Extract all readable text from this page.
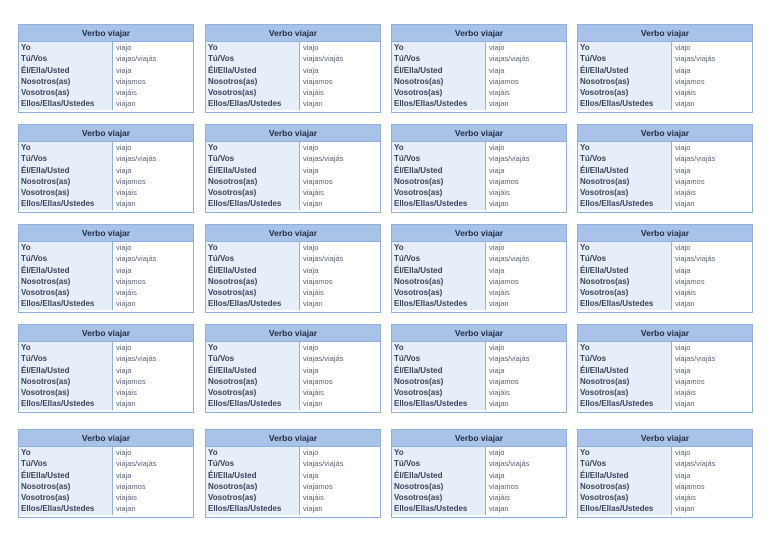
Verbo viajar
Yo
Tú/Vos
Él/Ella/Usted
Nosotros(as)
Vosotros(as)
Ellos/Ellas/Ustedes
viajo
viajas/viajás
viaja
viajamos
viajáis
viajan
Verbo viajar
Yo
Tú/Vos
Él/Ella/Usted
Nosotros(as)
Vosotros(as)
Ellos/Ellas/Ustedes
viajo
viajas/viajás
viaja
viajamos
viajáis
viajan
Verbo viajar
Yo
Tú/Vos
Él/Ella/Usted
Nosotros(as)
Vosotros(as)
Ellos/Ellas/Ustedes
viajo
viajas/viajás
viaja
viajamos
viajáis
viajan
Verbo viajar
Yo
Tú/Vos
Él/Ella/Usted
Nosotros(as)
Vosotros(as)
Ellos/Ellas/Ustedes
viajo
viajas/viajás
viaja
viajamos
viajáis
viajan
Verbo viajar
Yo
Tú/Vos
Él/Ella/Usted
Nosotros(as)
Vosotros(as)
Ellos/Ellas/Ustedes
viajo
viajas/viajás
viaja
viajamos
viajáis
viajan
Verbo viajar
Yo
Tú/Vos
Él/Ella/Usted
Nosotros(as)
Vosotros(as)
Ellos/Ellas/Ustedes
viajo
viajas/viajás
viaja
viajamos
viajáis
viajan
Verbo viajar
Yo
Tú/Vos
Él/Ella/Usted
Nosotros(as)
Vosotros(as)
Ellos/Ellas/Ustedes
viajo
viajas/viajás
viaja
viajamos
viajáis
viajan
Verbo viajar
Yo
Tú/Vos
Él/Ella/Usted
Nosotros(as)
Vosotros(as)
Ellos/Ellas/Ustedes
viajo
viajas/viajás
viaja
viajamos
viajáis
viajan
Verbo viajar
Yo
Tú/Vos
Él/Ella/Usted
Nosotros(as)
Vosotros(as)
Ellos/Ellas/Ustedes
viajo
viajas/viajás
viaja
viajamos
viajáis
viajan
Verbo viajar
Yo
Tú/Vos
Él/Ella/Usted
Nosotros(as)
Vosotros(as)
Ellos/Ellas/Ustedes
viajo
viajas/viajás
viaja
viajamos
viajáis
viajan
Verbo viajar
Yo
Tú/Vos
Él/Ella/Usted
Nosotros(as)
Vosotros(as)
Ellos/Ellas/Ustedes
viajo
viajas/viajás
viaja
viajamos
viajáis
viajan
Verbo viajar
Yo
Tú/Vos
Él/Ella/Usted
Nosotros(as)
Vosotros(as)
Ellos/Ellas/Ustedes
viajo
viajas/viajás
viaja
viajamos
viajáis
viajan
Verbo viajar
Yo
Tú/Vos
Él/Ella/Usted
Nosotros(as)
Vosotros(as)
Ellos/Ellas/Ustedes
viajo
viajas/viajás
viaja
viajamos
viajáis
viajan
Verbo viajar
Yo
Tú/Vos
Él/Ella/Usted
Nosotros(as)
Vosotros(as)
Ellos/Ellas/Ustedes
viajo
viajas/viajás
viaja
viajamos
viajáis
viajan
Verbo viajar
Yo
Tú/Vos
Él/Ella/Usted
Nosotros(as)
Vosotros(as)
Ellos/Ellas/Ustedes
viajo
viajas/viajás
viaja
viajamos
viajáis
viajan
Verbo viajar
Yo
Tú/Vos
Él/Ella/Usted
Nosotros(as)
Vosotros(as)
Ellos/Ellas/Ustedes
viajo
viajas/viajás
viaja
viajamos
viajáis
viajan
Verbo viajar
Yo
Tú/Vos
Él/Ella/Usted
Nosotros(as)
Vosotros(as)
Ellos/Ellas/Ustedes
viajo
viajas/viajás
viaja
viajamos
viajáis
viajan
Verbo viajar
Yo
Tú/Vos
Él/Ella/Usted
Nosotros(as)
Vosotros(as)
Ellos/Ellas/Ustedes
viajo
viajas/viajás
viaja
viajamos
viajáis
viajan
Verbo viajar
Yo
Tú/Vos
Él/Ella/Usted
Nosotros(as)
Vosotros(as)
Ellos/Ellas/Ustedes
viajo
viajas/viajás
viaja
viajamos
viajáis
viajan
Verbo viajar
Yo
Tú/Vos
Él/Ella/Usted
Nosotros(as)
Vosotros(as)
Ellos/Ellas/Ustedes
viajo
viajas/viajás
viaja
viajamos
viajáis
viajan
